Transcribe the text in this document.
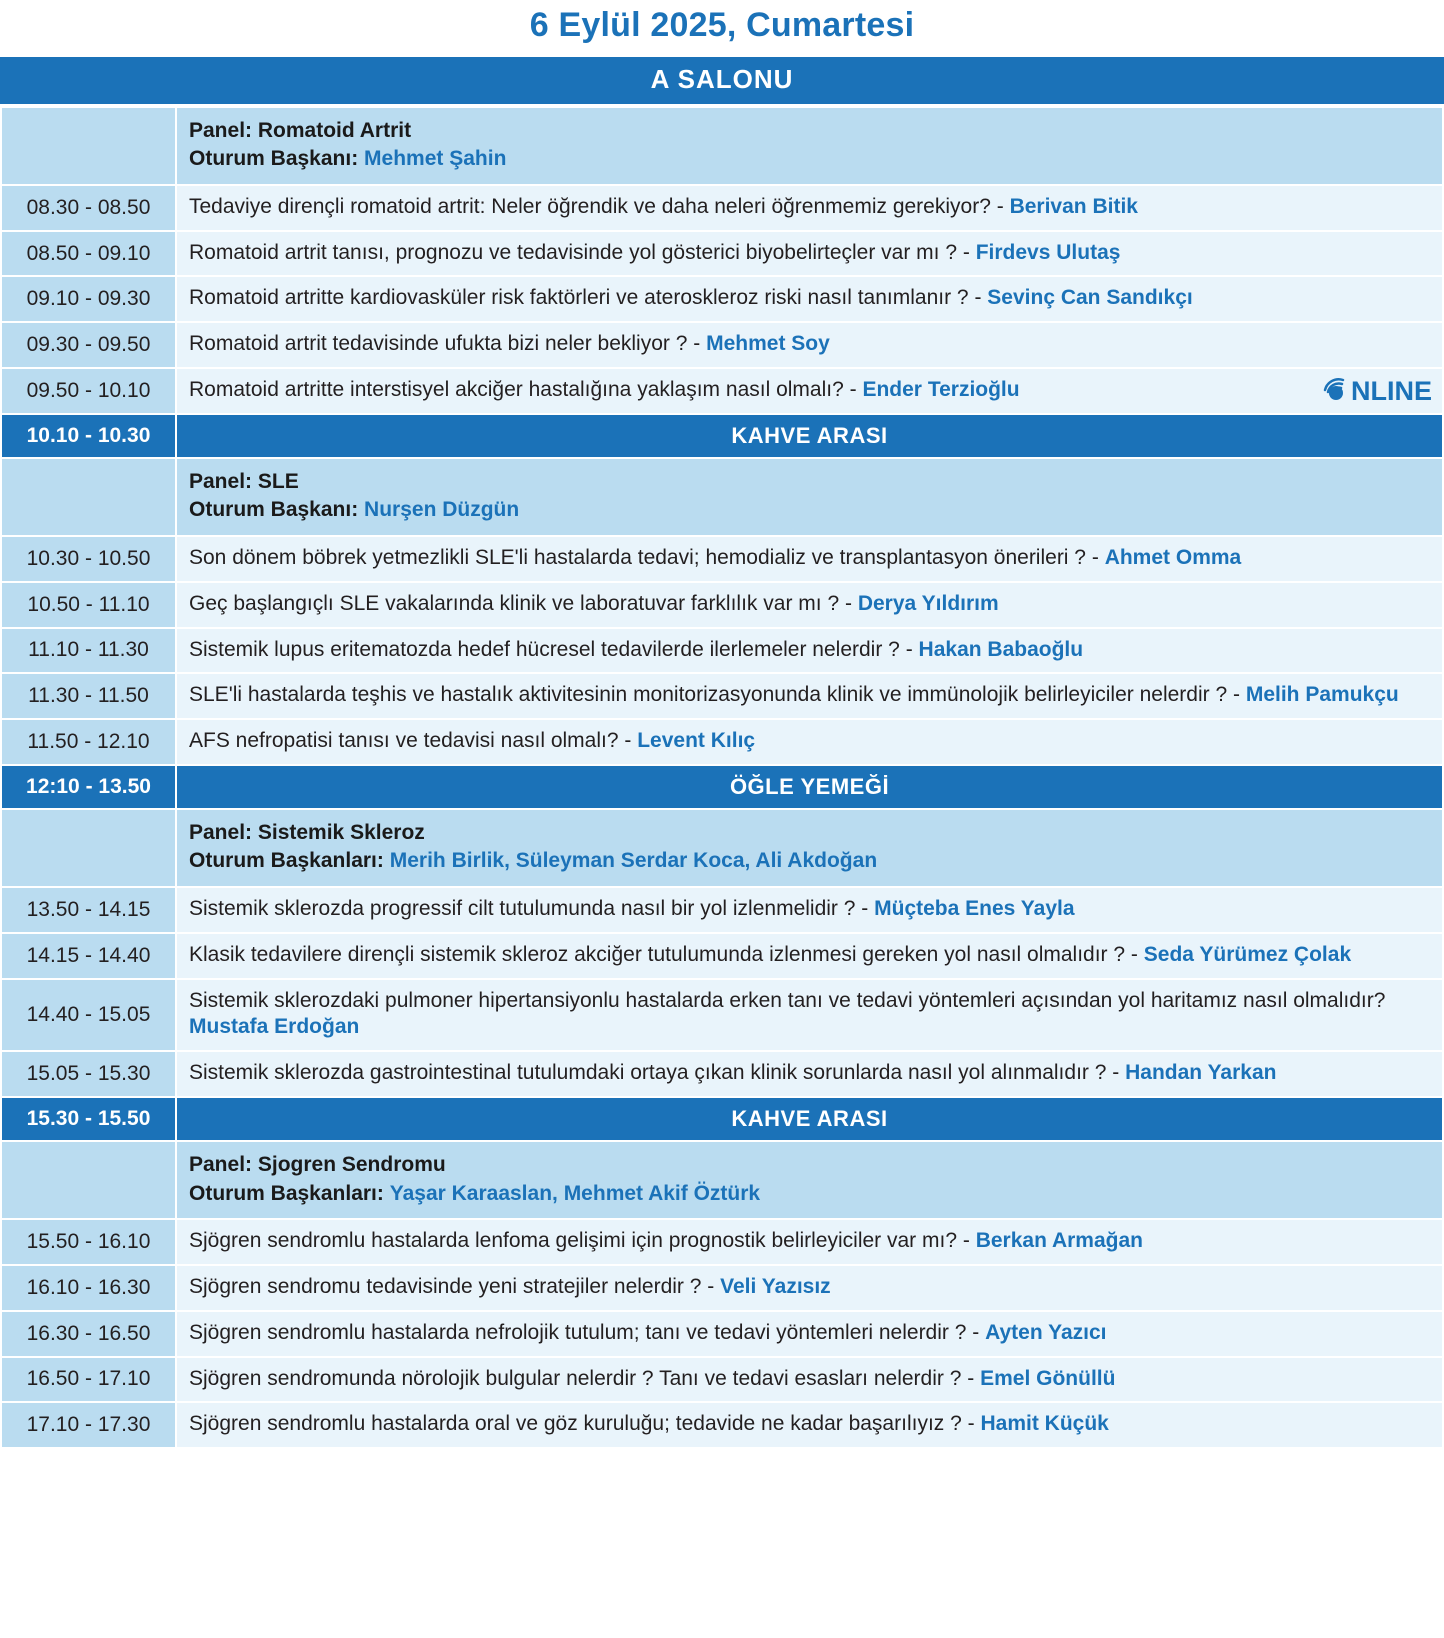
6 Eylül 2025, Cumartesi
A SALONU

	Panel: Romatoid Artrit
Oturum Başkanı: Mehmet Şahin

08.30 - 08.50	Tedaviye dirençli romatoid artrit: Neler öğrendik ve daha neleri öğrenmemiz gerekiyor? - Berivan Bitik
08.50 - 09.10	Romatoid artrit tanısı, prognozu ve tedavisinde yol gösterici biyobelirteçler var mı ? - Firdevs Ulutaş
09.10 - 09.30	Romatoid artritte kardiovasküler risk faktörleri ve ateroskleroz riski nasıl tanımlanır ? - Sevinç Can Sandıkçı
09.30 - 09.50	Romatoid artrit tedavisinde ufukta bizi neler bekliyor ? - Mehmet Soy
09.50 - 10.10	Romatoid artritte interstisyel akciğer hastalığına yaklaşım nasıl olmalı? - Ender Terzioğlu NLINE

10.10 - 10.30	KAHVE ARASI

	Panel: SLE
Oturum Başkanı: Nurşen Düzgün

10.30 - 10.50	Son dönem böbrek yetmezlikli SLE'li hastalarda tedavi; hemodializ ve transplantasyon önerileri ? - Ahmet Omma
10.50 - 11.10	Geç başlangıçlı SLE vakalarında klinik ve laboratuvar farklılık var mı ? - Derya Yıldırım
11.10 - 11.30	Sistemik lupus eritematozda hedef hücresel tedavilerde ilerlemeler nelerdir ? - Hakan Babaoğlu
11.30 - 11.50	SLE'li hastalarda teşhis ve hastalık aktivitesinin monitorizasyonunda klinik ve immünolojik belirleyiciler nelerdir ? - Melih Pamukçu
11.50 - 12.10	AFS nefropatisi tanısı ve tedavisi nasıl olmalı? - Levent Kılıç
12:10 - 13.50	ÖĞLE YEMEĞİ

	Panel: Sistemik Skleroz
Oturum Başkanları: Merih Birlik, Süleyman Serdar Koca, Ali Akdoğan

13.50 - 14.15	Sistemik sklerozda progressif cilt tutulumunda nasıl bir yol izlenmelidir ? - Müçteba Enes Yayla
14.15 - 14.40	Klasik tedavilere dirençli sistemik skleroz akciğer tutulumunda izlenmesi gereken yol nasıl olmalıdır ? - Seda Yürümez Çolak
14.40 - 15.05	Sistemik sklerozdaki pulmoner hipertansiyonlu hastalarda erken tanı ve tedavi yöntemleri açısından yol haritamız nasıl olmalıdır?
Mustafa Erdoğan
15.05 - 15.30	Sistemik sklerozda gastrointestinal tutulumdaki ortaya çıkan klinik sorunlarda nasıl yol alınmalıdır ? - Handan Yarkan
15.30 - 15.50	KAHVE ARASI

	Panel: Sjogren Sendromu
Oturum Başkanları: Yaşar Karaaslan, Mehmet Akif Öztürk

15.50 - 16.10	Sjögren sendromlu hastalarda lenfoma gelişimi için prognostik belirleyiciler var mı? - Berkan Armağan
16.10 - 16.30	Sjögren sendromu tedavisinde yeni stratejiler nelerdir ? - Veli Yazısız
16.30 - 16.50	Sjögren sendromlu hastalarda nefrolojik tutulum; tanı ve tedavi yöntemleri nelerdir ? - Ayten Yazıcı
16.50 - 17.10	Sjögren sendromunda nörolojik bulgular nelerdir ? Tanı ve tedavi esasları nelerdir ? - Emel Gönüllü
17.10 - 17.30	Sjögren sendromlu hastalarda oral ve göz kuruluğu; tedavide ne kadar başarılıyız ? - Hamit Küçük
